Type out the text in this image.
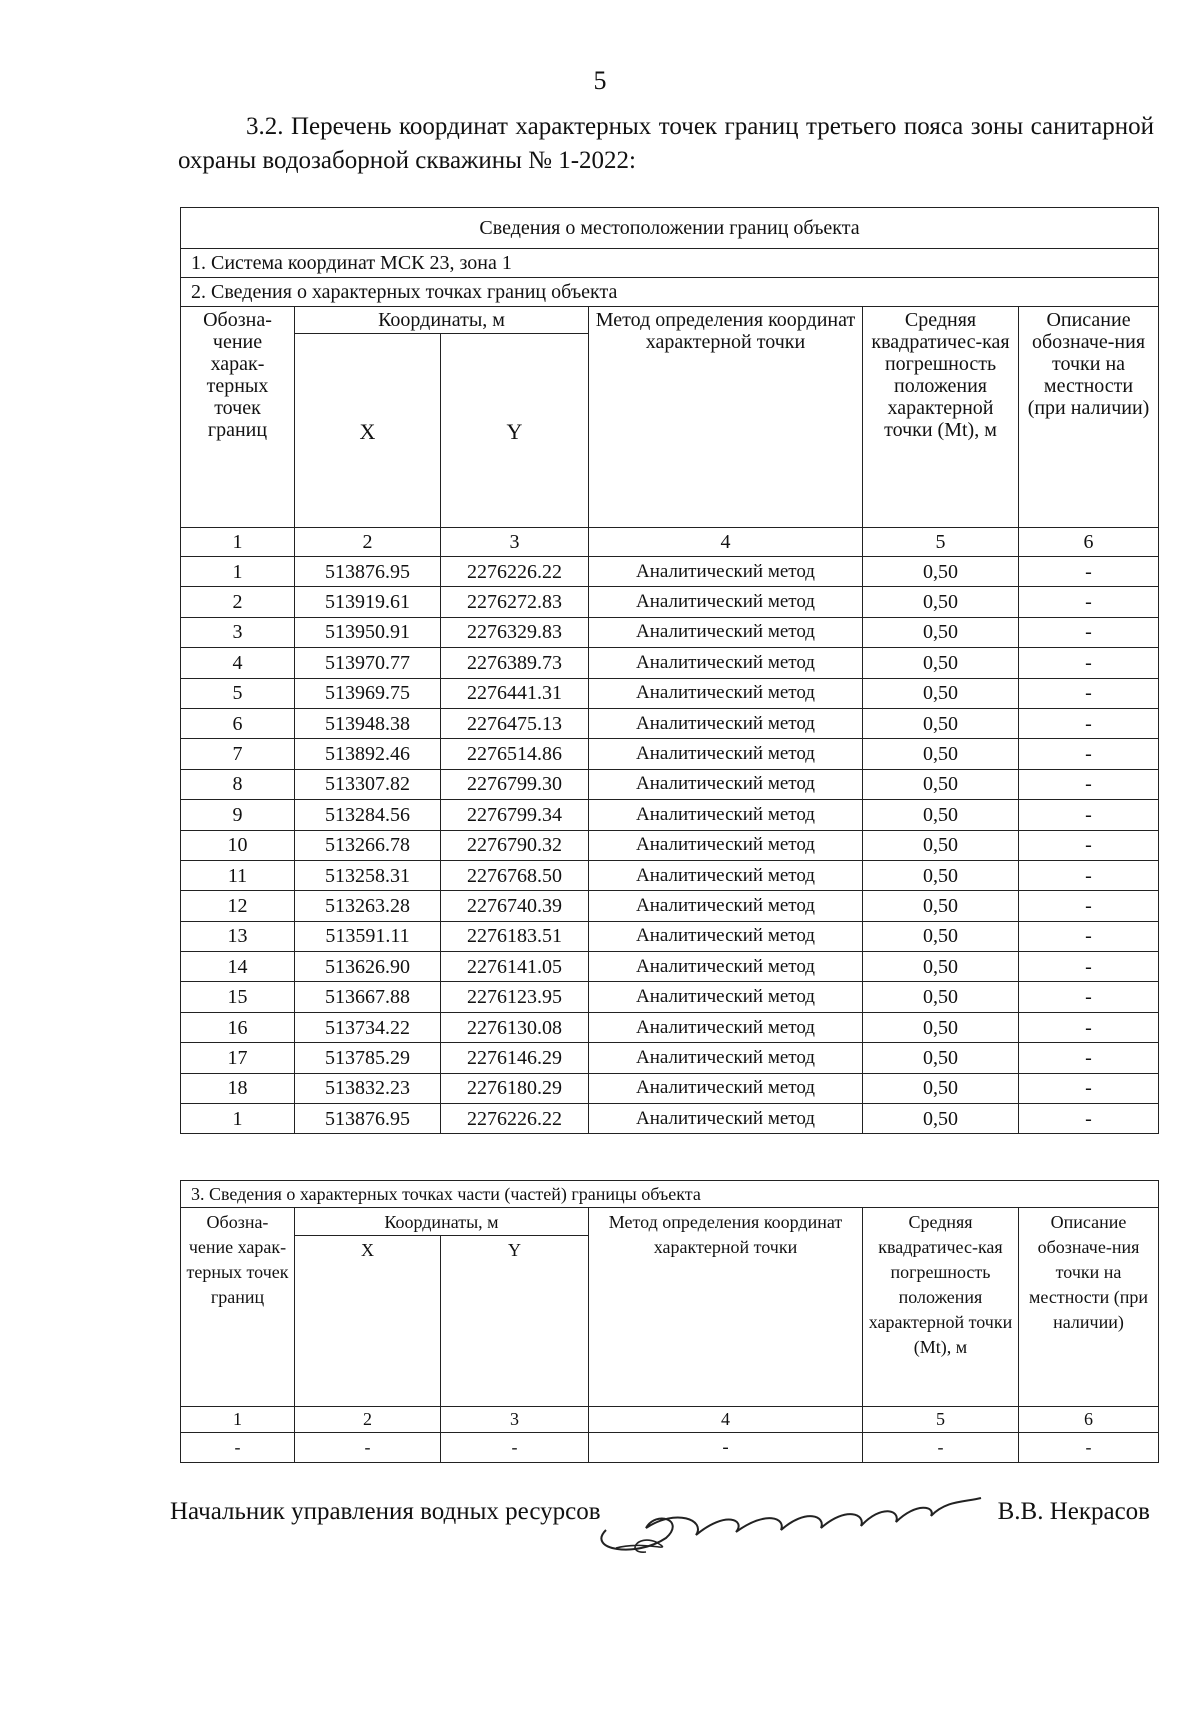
5
3.2. Перечень координат характерных точек границ третьего пояса зоны санитарной охраны водозаборной скважины № 1-2022:
Сведения о местоположении границ объекта					
1. Система координат МСК 23, зона 1					
2. Сведения о характерных точках границ объекта					
Обозна-чение харак-терных точек границ	Координаты, м		Метод определения координат характерной точки	Средняя квадратичес-кая погрешность положения характерной точки (Mt), м	Описание обозначе-ния точки на местности (при наличии)
	X	Y			
1	2	3	4	5	6
1	513876.95	2276226.22	Аналитический метод	0,50	-
2	513919.61	2276272.83	Аналитический метод	0,50	-
3	513950.91	2276329.83	Аналитический метод	0,50	-
4	513970.77	2276389.73	Аналитический метод	0,50	-
5	513969.75	2276441.31	Аналитический метод	0,50	-
6	513948.38	2276475.13	Аналитический метод	0,50	-
7	513892.46	2276514.86	Аналитический метод	0,50	-
8	513307.82	2276799.30	Аналитический метод	0,50	-
9	513284.56	2276799.34	Аналитический метод	0,50	-
10	513266.78	2276790.32	Аналитический метод	0,50	-
11	513258.31	2276768.50	Аналитический метод	0,50	-
12	513263.28	2276740.39	Аналитический метод	0,50	-
13	513591.11	2276183.51	Аналитический метод	0,50	-
14	513626.90	2276141.05	Аналитический метод	0,50	-
15	513667.88	2276123.95	Аналитический метод	0,50	-
16	513734.22	2276130.08	Аналитический метод	0,50	-
17	513785.29	2276146.29	Аналитический метод	0,50	-
18	513832.23	2276180.29	Аналитический метод	0,50	-
1	513876.95	2276226.22	Аналитический метод	0,50	-
3. Сведения о характерных точках части (частей) границы объекта					
Обозна-чение харак-терных точек границ	Координаты, м		Метод определения координат характерной точки	Средняя квадратичес-кая погрешность положения характерной точки (Mt), м	Описание обозначе-ния точки на местности (при наличии)
	X	Y			
1	2	3	4	5	6
-	-	-	-	-	-
Начальник управления водных ресурсов	В.В. Некрасов
